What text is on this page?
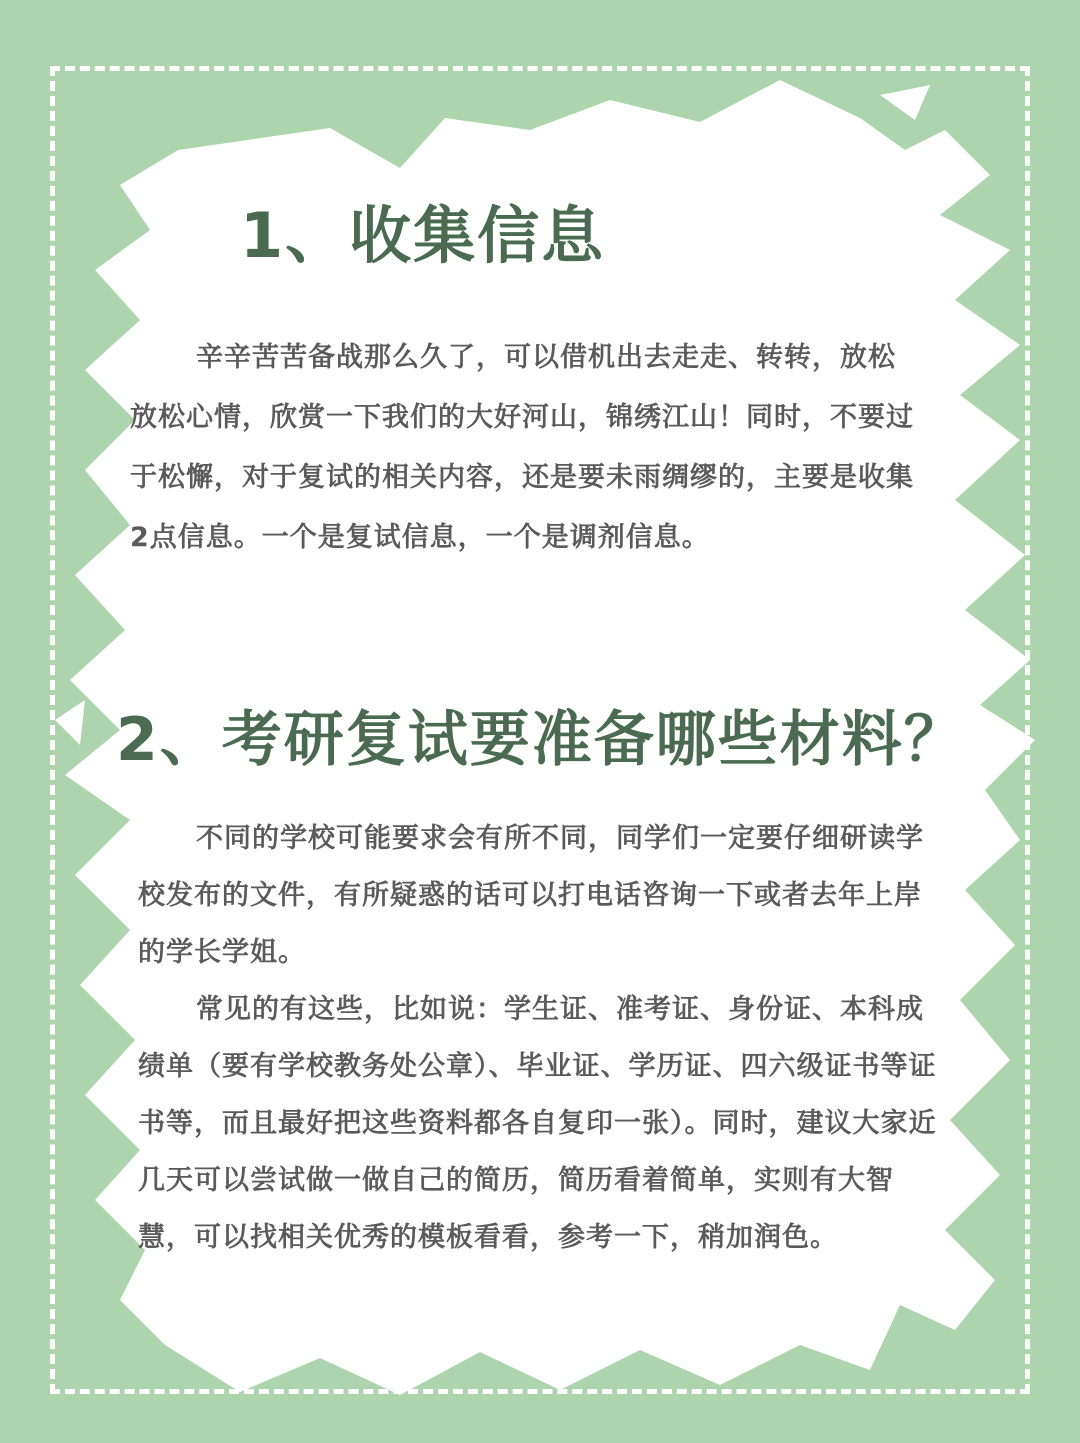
1、收集信息

辛辛苦苦备战那么久了，可以借机出去走走、转转，放松放松心情，欣赏一下我们的大好河山，锦绣江山！同时，不要过于松懈，对于复试的相关内容，还是要未雨绸缪的，主要是收集2点信息。一个是复试信息，一个是调剂信息。

2、考研复试要准备哪些材料？

不同的学校可能要求会有所不同，同学们一定要仔细研读学校发布的文件，有所疑惑的话可以打电话咨询一下或者去年上岸的学长学姐。

常见的有这些，比如说：学生证、准考证、身份证、本科成 绩单（要有学校教务处公章）、毕业证、学历证、四六级证书等证书等，而且最好把这些资料都各自复印一张）。同时，建议大家近几天可以尝试做一做自己的简历，简历看着简单，实则有大智慧，可以找相关优秀的模板看看，参考一下，稍加润色。
